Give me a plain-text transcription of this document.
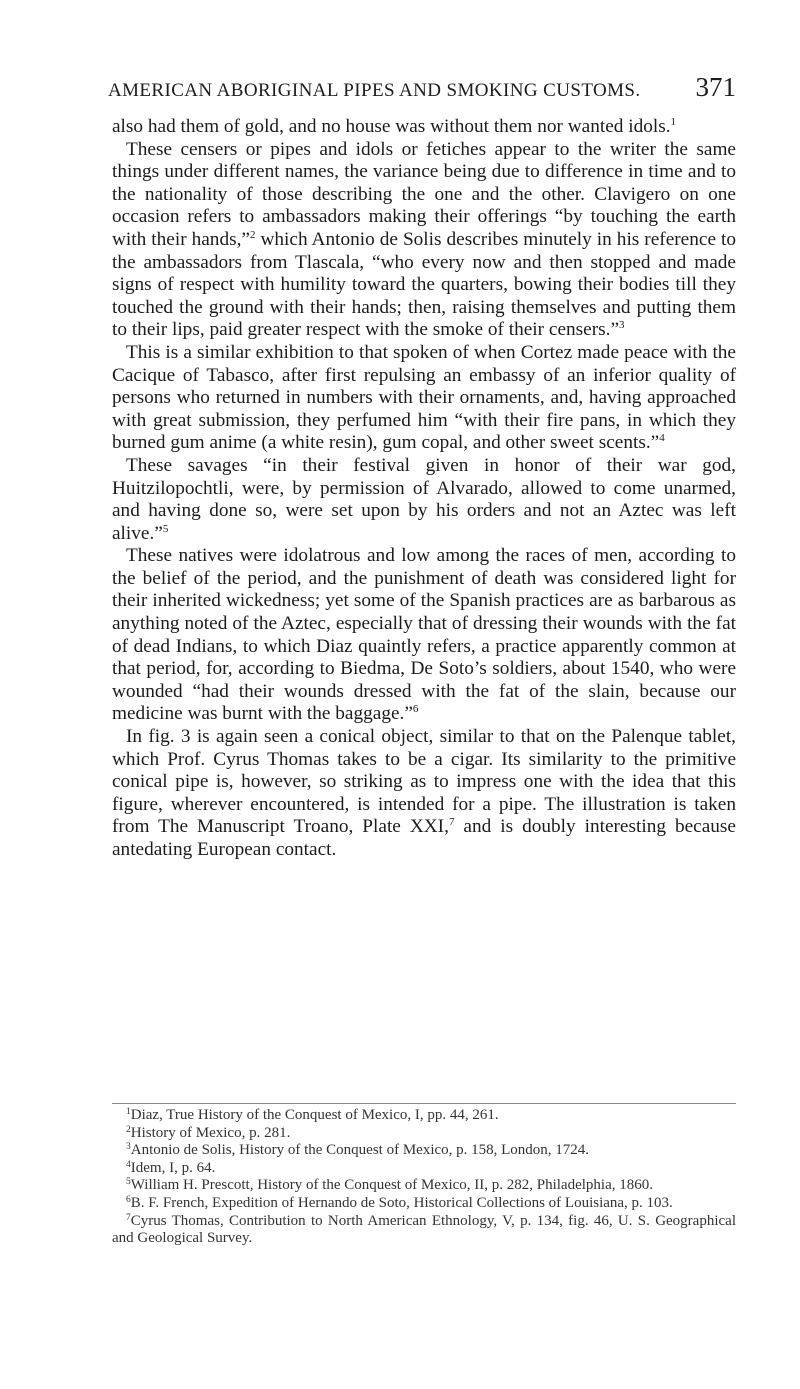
AMERICAN ABORIGINAL PIPES AND SMOKING CUSTOMS. 371

also had them of gold, and no house was without them nor wanted idols.$^1$

These censers or pipes and idols or fetiches appear to the writer the same things under different names, the variance being due to difference in time and to the nationality of those describing the one and the other. Clavigero on one occasion refers to ambassadors making their offerings “by touching the earth with their hands,”$^2$ which Antonio de Solis describes minutely in his reference to the ambassadors from Tlascala, “who every now and then stopped and made signs of respect with humility toward the quarters, bowing their bodies till they touched the ground with their hands; then, raising themselves and putting them to their lips, paid greater respect with the smoke of their censers.”$^3$

This is a similar exhibition to that spoken of when Cortez made peace with the Cacique of Tabasco, after first repulsing an embassy of an inferior quality of persons who returned in numbers with their ornaments, and, having approached with great submission, they perfumed him “with their fire pans, in which they burned gum anime (a white resin), gum copal, and other sweet scents.”$^4$

These savages “in their festival given in honor of their war god, Huitzilopochtli, were, by permission of Alvarado, allowed to come unarmed, and having done so, were set upon by his orders and not an Aztec was left alive.”$^5$

These natives were idolatrous and low among the races of men, according to the belief of the period, and the punishment of death was considered light for their inherited wickedness; yet some of the Spanish practices are as barbarous as anything noted of the Aztec, especially that of dressing their wounds with the fat of dead Indians, to which Diaz quaintly refers, a practice apparently common at that period, for, according to Biedma, De Soto’s soldiers, about 1540, who were wounded “had their wounds dressed with the fat of the slain, because our medicine was burnt with the baggage.”$^6$

In fig. 3 is again seen a conical object, similar to that on the Palenque tablet, which Prof. Cyrus Thomas takes to be a cigar. Its similarity to the primitive conical pipe is, however, so striking as to impress one with the idea that this figure, wherever encountered, is intended for a pipe. The illustration is taken from The Manuscript Troano, Plate XXI,$^7$ and is doubly interesting because antedating European contact.

$^1$Diaz, True History of the Conquest of Mexico, I, pp. 44, 261.
$^2$History of Mexico, p. 281.
$^3$Antonio de Solis, History of the Conquest of Mexico, p. 158, London, 1724.
$^4$Idem, I, p. 64.
$^5$William H. Prescott, History of the Conquest of Mexico, II, p. 282, Philadelphia, 1860.
$^6$B. F. French, Expedition of Hernando de Soto, Historical Collections of Louisiana, p. 103.
$^7$Cyrus Thomas, Contribution to North American Ethnology, V, p. 134, fig. 46, U. S. Geographical and Geological Survey.
